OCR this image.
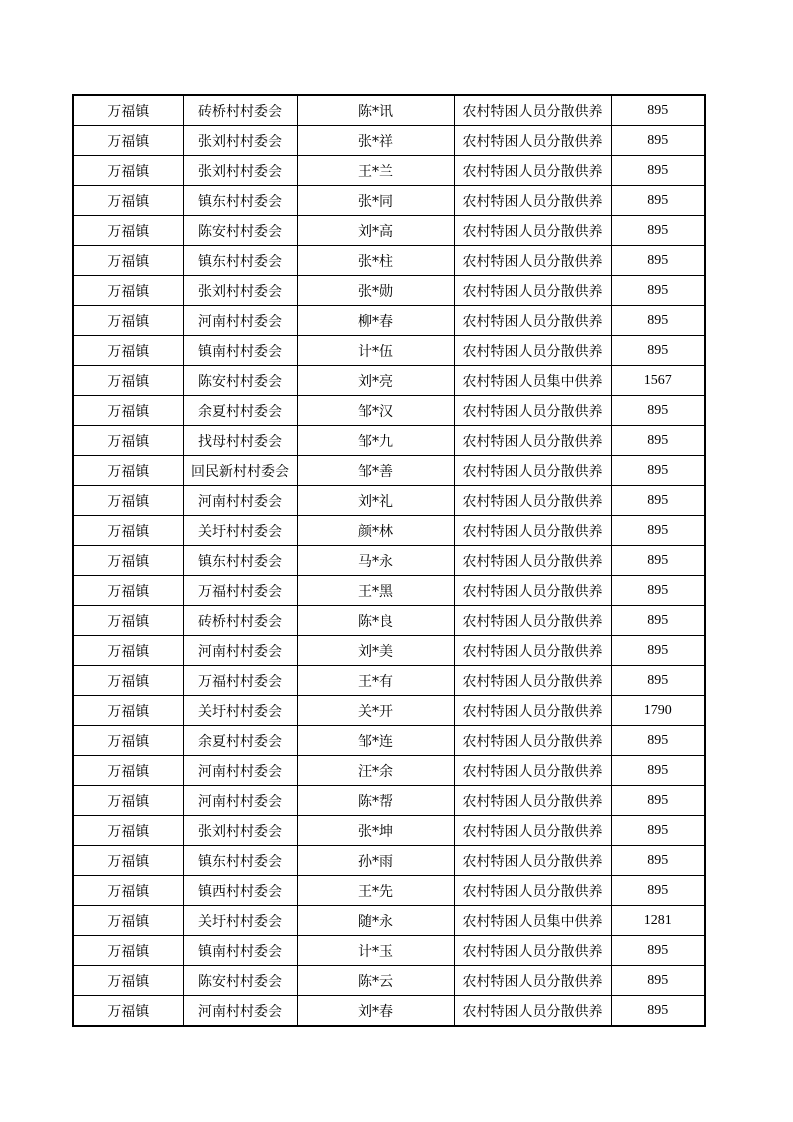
万福镇	砖桥村村委会	陈*讯	农村特困人员分散供养	895
万福镇	张刘村村委会	张*祥	农村特困人员分散供养	895
万福镇	张刘村村委会	王*兰	农村特困人员分散供养	895
万福镇	镇东村村委会	张*同	农村特困人员分散供养	895
万福镇	陈安村村委会	刘*高	农村特困人员分散供养	895
万福镇	镇东村村委会	张*柱	农村特困人员分散供养	895
万福镇	张刘村村委会	张*勋	农村特困人员分散供养	895
万福镇	河南村村委会	柳*春	农村特困人员分散供养	895
万福镇	镇南村村委会	计*伍	农村特困人员分散供养	895
万福镇	陈安村村委会	刘*亮	农村特困人员集中供养	1567
万福镇	余夏村村委会	邹*汉	农村特困人员分散供养	895
万福镇	找母村村委会	邹*九	农村特困人员分散供养	895
万福镇	回民新村村委会	邹*善	农村特困人员分散供养	895
万福镇	河南村村委会	刘*礼	农村特困人员分散供养	895
万福镇	关圩村村委会	颜*林	农村特困人员分散供养	895
万福镇	镇东村村委会	马*永	农村特困人员分散供养	895
万福镇	万福村村委会	王*黑	农村特困人员分散供养	895
万福镇	砖桥村村委会	陈*良	农村特困人员分散供养	895
万福镇	河南村村委会	刘*美	农村特困人员分散供养	895
万福镇	万福村村委会	王*有	农村特困人员分散供养	895
万福镇	关圩村村委会	关*开	农村特困人员分散供养	1790
万福镇	余夏村村委会	邹*连	农村特困人员分散供养	895
万福镇	河南村村委会	汪*余	农村特困人员分散供养	895
万福镇	河南村村委会	陈*帮	农村特困人员分散供养	895
万福镇	张刘村村委会	张*坤	农村特困人员分散供养	895
万福镇	镇东村村委会	孙*雨	农村特困人员分散供养	895
万福镇	镇西村村委会	王*先	农村特困人员分散供养	895
万福镇	关圩村村委会	随*永	农村特困人员集中供养	1281
万福镇	镇南村村委会	计*玉	农村特困人员分散供养	895
万福镇	陈安村村委会	陈*云	农村特困人员分散供养	895
万福镇	河南村村委会	刘*春	农村特困人员分散供养	895
